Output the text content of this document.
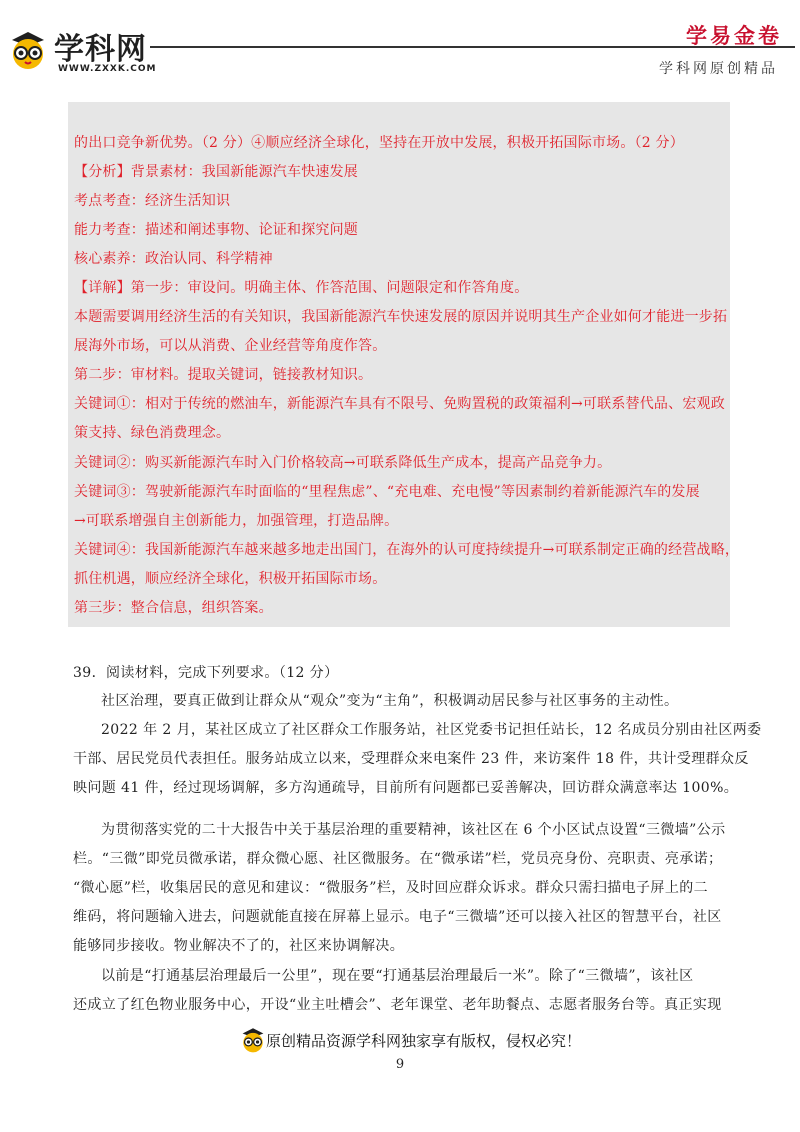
学科网
WWW.ZXXK.COM
学易金卷
学科网原创精品
的出口竞争新优势。（2 分）④顺应经济全球化，坚持在开放中发展，积极开拓国际市场。（2 分）
【分析】背景素材：我国新能源汽车快速发展
考点考查：经济生活知识
能力考查：描述和阐述事物、论证和探究问题
核心素养：政治认同、科学精神
【详解】第一步：审设问。明确主体、作答范围、问题限定和作答角度。
本题需要调用经济生活的有关知识，我国新能源汽车快速发展的原因并说明其生产企业如何才能进一步拓
展海外市场，可以从消费、企业经营等角度作答。
第二步：审材料。提取关键词，链接教材知识。
关键词①：相对于传统的燃油车，新能源汽车具有不限号、免购置税的政策福利→可联系替代品、宏观政
策支持、绿色消费理念。
关键词②：购买新能源汽车时入门价格较高→可联系降低生产成本，提高产品竞争力。
关键词③：驾驶新能源汽车时面临的“里程焦虑”、“充电难、充电慢”等因素制约着新能源汽车的发展
→可联系增强自主创新能力，加强管理，打造品牌。
关键词④：我国新能源汽车越来越多地走出国门，在海外的认可度持续提升→可联系制定正确的经营战略，
抓住机遇，顺应经济全球化，积极开拓国际市场。
第三步：整合信息，组织答案。
39．阅读材料，完成下列要求。（12 分）
社区治理，要真正做到让群众从“观众”变为“主角”，积极调动居民参与社区事务的主动性。
2022 年 2 月，某社区成立了社区群众工作服务站，社区党委书记担任站长，12 名成员分别由社区两委
干部、居民党员代表担任。服务站成立以来，受理群众来电案件 23 件，来访案件 18 件，共计受理群众反
映问题 41 件，经过现场调解，多方沟通疏导，目前所有问题都已妥善解决，回访群众满意率达 100%。
为贯彻落实党的二十大报告中关于基层治理的重要精神，该社区在 6 个小区试点设置“三微墙”公示
栏。“三微”即党员微承诺，群众微心愿、社区微服务。在“微承诺”栏，党员亮身份、亮职责、亮承诺；
“微心愿”栏，收集居民的意见和建议：“微服务”栏，及时回应群众诉求。群众只需扫描电子屏上的二
维码，将问题输入进去，问题就能直接在屏幕上显示。电子“三微墙”还可以接入社区的智慧平台，社区
能够同步接收。物业解决不了的，社区来协调解决。
以前是“打通基层治理最后一公里”，现在要“打通基层治理最后一米”。除了“三微墙”，该社区
还成立了红色物业服务中心，开设“业主吐槽会”、老年课堂、老年助餐点、志愿者服务台等。真正实现
原创精品资源学科网独家享有版权，侵权必究！
9
